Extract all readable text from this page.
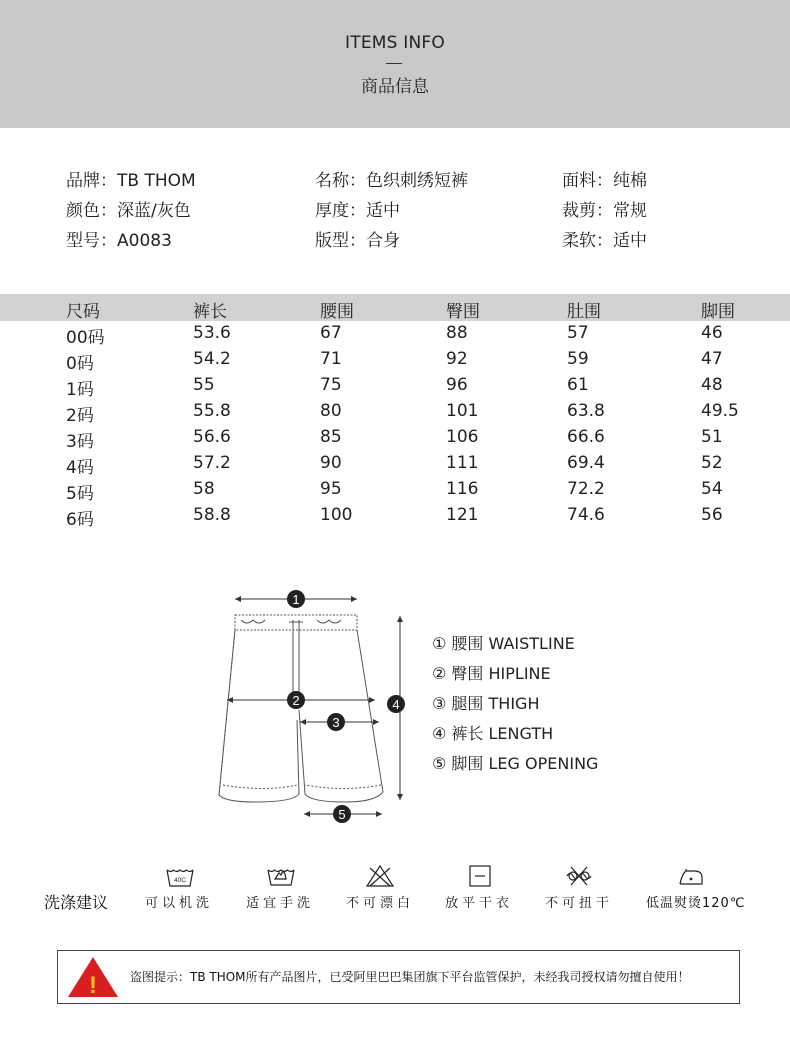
ITEMS INFO
商品信息
品牌：TB THOM	名称：色织刺绣短裤	面料：纯棉
颜色：深蓝/灰色	厚度：适中	裁剪：常规
型号：A0083	版型：合身	柔软：适中
尺码	裤长	腰围	臀围	肚围	脚围
00码	53.6	67	88	57	46
0码	54.2	71	92	59	47
1码	55	75	96	61	48
2码	55.8	80	101	63.8	49.5
3码	56.6	85	106	66.6	51
4码	57.2	90	111	69.4	52
5码	58	95	116	72.2	54
6码	58.8	100	121	74.6	56
1
2
3
4
5
① 腰围 WAISTLINE
② 臀围 HIPLINE
③ 腿围 THIGH
④ 裤长 LENGTH
⑤ 脚围 LEG OPENING
洗涤建议
40C
可以机洗	适宜手洗 不可漂白 放平干衣 不可扭干	低温熨烫120℃
!	盗图提示：TB THOM所有产品图片，已受阿里巴巴集团旗下平台监管保护，未经我司授权请勿擅自使用！
